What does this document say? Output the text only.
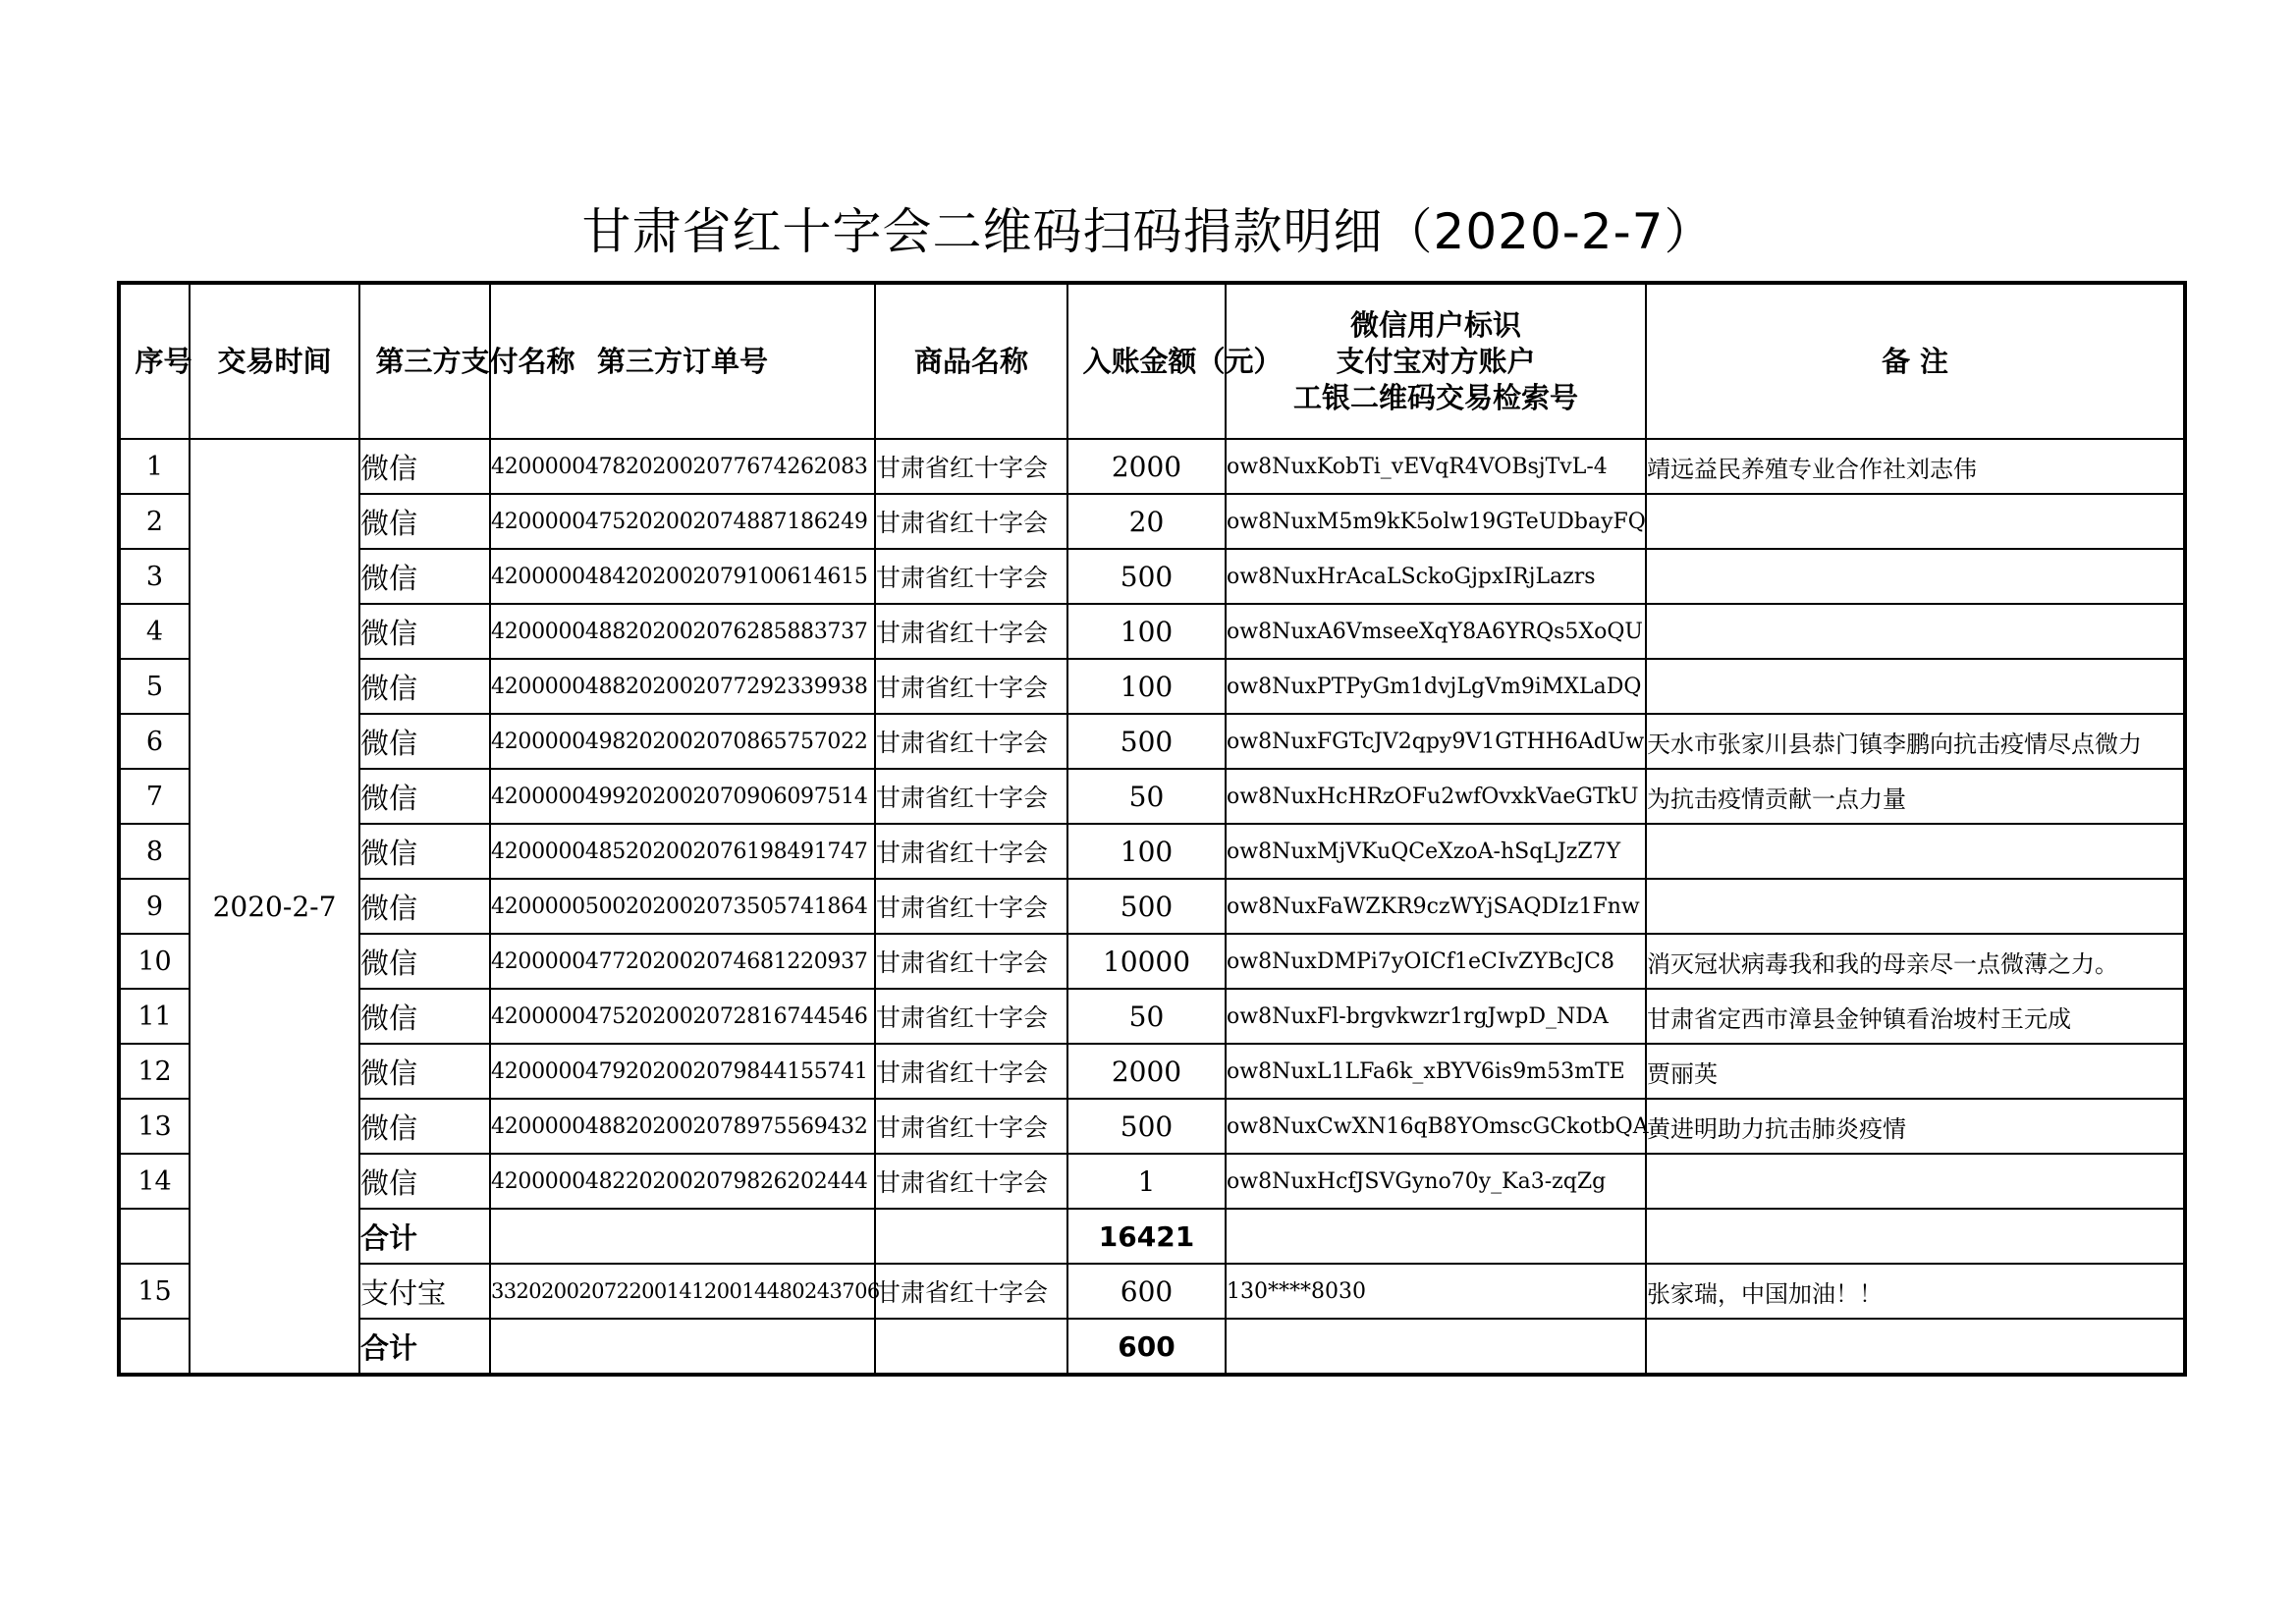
甘肃省红十字会二维码扫码捐款明细（2020-2-7）
序号	交易时间	第三方支付名称	第三方订单号	商品名称	入账金额（元）	微信用户标识
支付宝对方账户
工银二维码交易检索号	备 注
1	2020-2-7	微信	4200000478202002077674262083	甘肃省红十字会	2000	ow8NuxKobTi_vEVqR4VOBsjTvL-4	靖远益民养殖专业合作社刘志伟
2		微信	4200000475202002074887186249	甘肃省红十字会	20	ow8NuxM5m9kK5olw19GTeUDbayFQ	
3		微信	4200000484202002079100614615	甘肃省红十字会	500	ow8NuxHrAcaLSckoGjpxIRjLazrs	
4		微信	4200000488202002076285883737	甘肃省红十字会	100	ow8NuxA6VmseeXqY8A6YRQs5XoQU	
5		微信	4200000488202002077292339938	甘肃省红十字会	100	ow8NuxPTPyGm1dvjLgVm9iMXLaDQ	
6		微信	4200000498202002070865757022	甘肃省红十字会	500	ow8NuxFGTcJV2qpy9V1GTHH6AdUw	天水市张家川县恭门镇李鹏向抗击疫情尽点微力
7		微信	4200000499202002070906097514	甘肃省红十字会	50	ow8NuxHcHRzOFu2wfOvxkVaeGTkU	为抗击疫情贡献一点力量
8		微信	4200000485202002076198491747	甘肃省红十字会	100	ow8NuxMjVKuQCeXzoA-hSqLJzZ7Y	
9		微信	4200000500202002073505741864	甘肃省红十字会	500	ow8NuxFaWZKR9czWYjSAQDIz1Fnw	
10		微信	4200000477202002074681220937	甘肃省红十字会	10000	ow8NuxDMPi7yOICf1eCIvZYBcJC8	消灭冠状病毒我和我的母亲尽一点微薄之力。
11		微信	4200000475202002072816744546	甘肃省红十字会	50	ow8NuxFl-brgvkwzr1rgJwpD_NDA	甘肃省定西市漳县金钟镇看治坡村王元成
12		微信	4200000479202002079844155741	甘肃省红十字会	2000	ow8NuxL1LFa6k_xBYV6is9m53mTE	贾丽英
13		微信	4200000488202002078975569432	甘肃省红十字会	500	ow8NuxCwXN16qB8YOmscGCkotbQA	黄进明助力抗击肺炎疫情
14		微信	4200000482202002079826202444	甘肃省红十字会	1	ow8NuxHcfJSVGyno70y_Ka3-zqZg	
		合计			16421		
15		支付宝	3320200207220014120014480243706	甘肃省红十字会	600	130****8030	张家瑞，中国加油！！
		合计			600		
